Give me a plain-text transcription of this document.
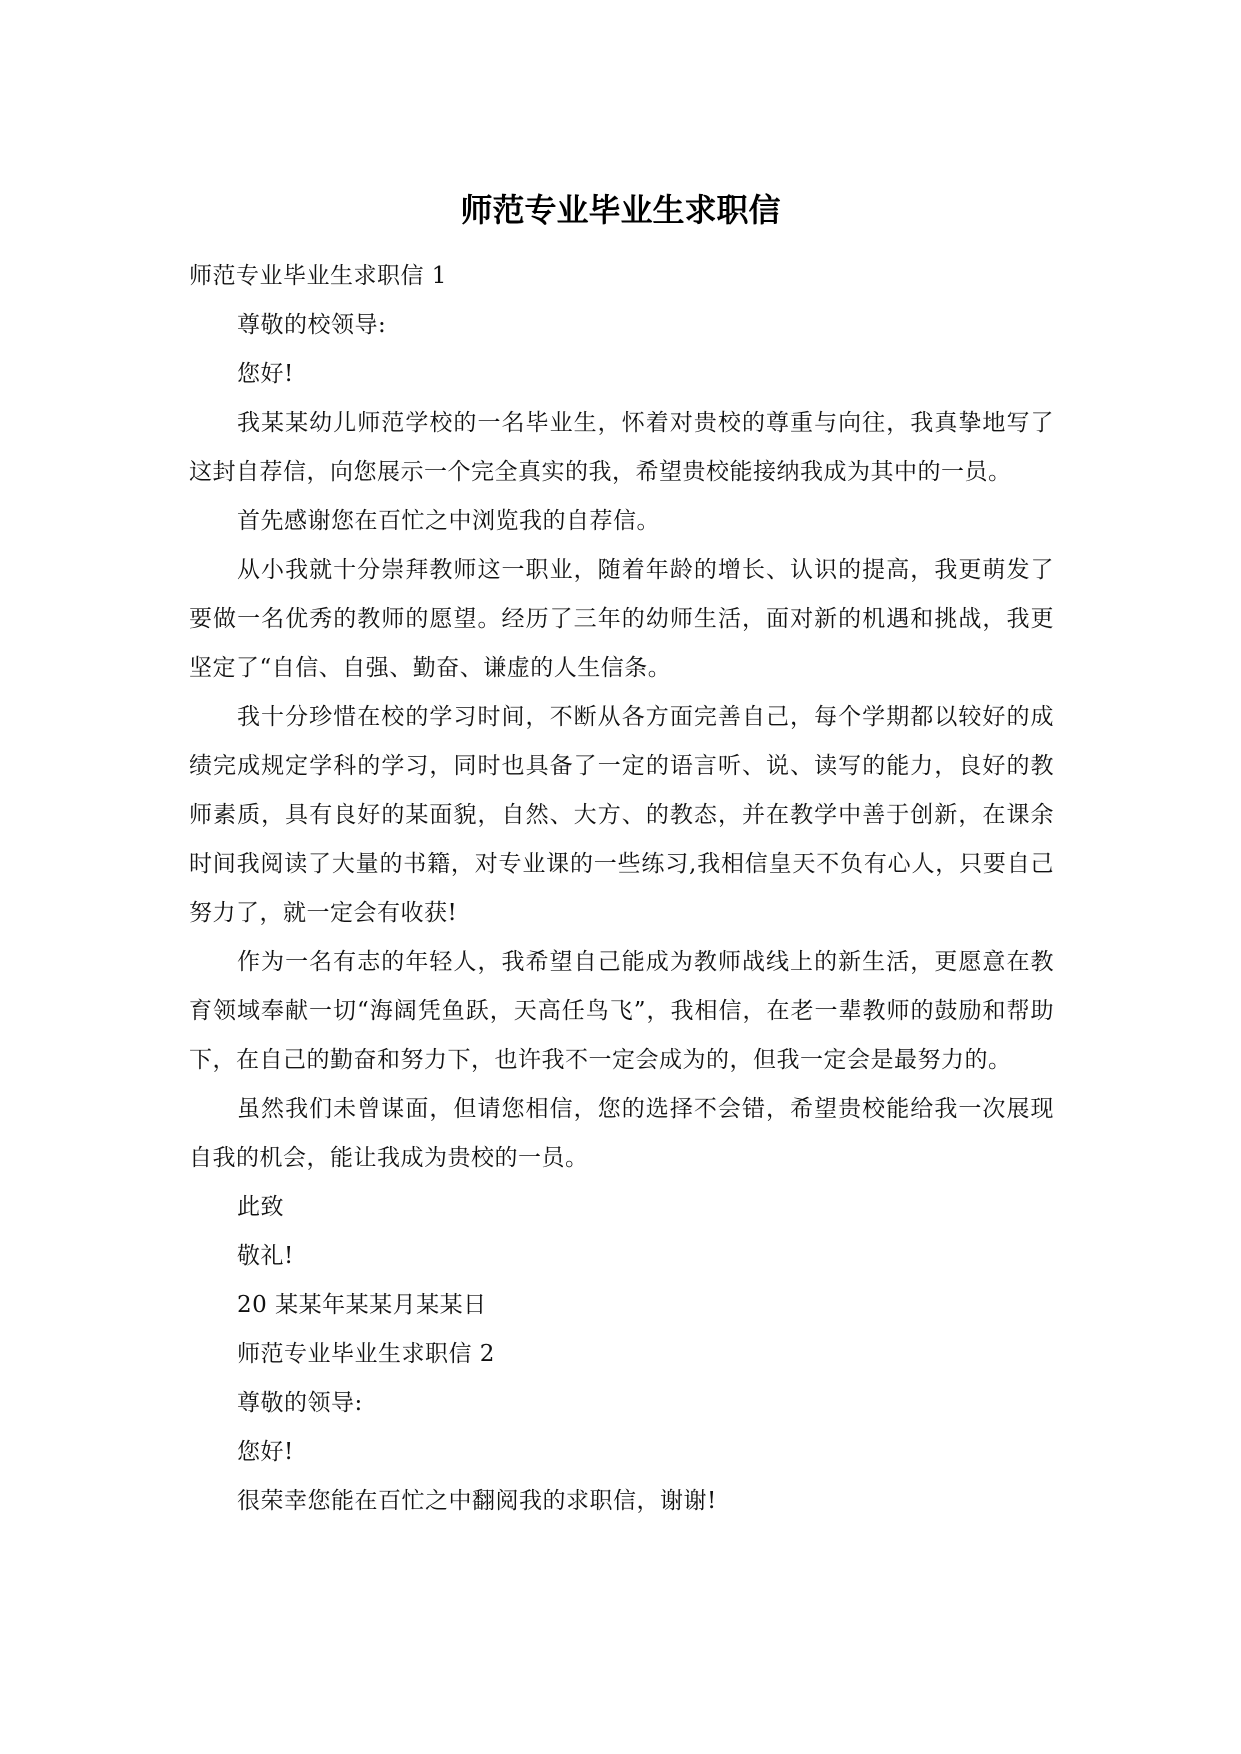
师范专业毕业生求职信

师范专业毕业生求职信 1

尊敬的校领导:

您好!

我某某幼儿师范学校的一名毕业生，怀着对贵校的尊重与向往，我真挚地写了这封自荐信，向您展示一个完全真实的我，希望贵校能接纳我成为其中的一员。

首先感谢您在百忙之中浏览我的自荐信。

从小我就十分崇拜教师这一职业，随着年龄的增长、认识的提高，我更萌发了要做一名优秀的教师的愿望。经历了三年的幼师生活，面对新的机遇和挑战，我更坚定了“自信、自强、勤奋、谦虚的人生信条。

我十分珍惜在校的学习时间，不断从各方面完善自己，每个学期都以较好的成绩完成规定学科的学习，同时也具备了一定的语言听、说、读写的能力，良好的教师素质，具有良好的某面貌，自然、大方、的教态，并在教学中善于创新，在课余时间我阅读了大量的书籍，对专业课的一些练习,我相信皇天不负有心人，只要自己努力了，就一定会有收获!

作为一名有志的年轻人，我希望自己能成为教师战线上的新生活，更愿意在教育领域奉献一切“海阔凭鱼跃，天高任鸟飞”，我相信，在老一辈教师的鼓励和帮助下，在自己的勤奋和努力下，也许我不一定会成为的，但我一定会是最努力的。

虽然我们未曾谋面，但请您相信，您的选择不会错，希望贵校能给我一次展现自我的机会，能让我成为贵校的一员。

此致

敬礼!

20 某某年某某月某某日

师范专业毕业生求职信 2

尊敬的领导:

您好!

很荣幸您能在百忙之中翻阅我的求职信，谢谢!
